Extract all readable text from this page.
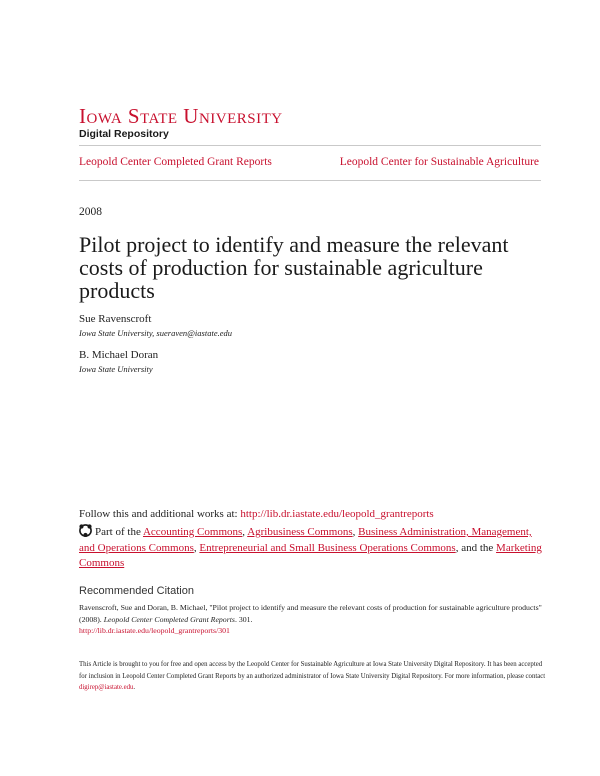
Iowa State University
Digital Repository
Leopold Center Completed Grant Reports	Leopold Center for Sustainable Agriculture
2008
Pilot project to identify and measure the relevant costs of production for sustainable agriculture products
Sue Ravenscroft
Iowa State University, sueraven@iastate.edu
B. Michael Doran
Iowa State University
Follow this and additional works at: http://lib.dr.iastate.edu/leopold_grantreports
Part of the Accounting Commons, Agribusiness Commons, Business Administration, Management, and Operations Commons, Entrepreneurial and Small Business Operations Commons, and the Marketing Commons
Recommended Citation
Ravenscroft, Sue and Doran, B. Michael, "Pilot project to identify and measure the relevant costs of production for sustainable agriculture products" (2008). Leopold Center Completed Grant Reports. 301.
http://lib.dr.iastate.edu/leopold_grantreports/301
This Article is brought to you for free and open access by the Leopold Center for Sustainable Agriculture at Iowa State University Digital Repository. It has been accepted for inclusion in Leopold Center Completed Grant Reports by an authorized administrator of Iowa State University Digital Repository. For more information, please contact digirep@iastate.edu.
